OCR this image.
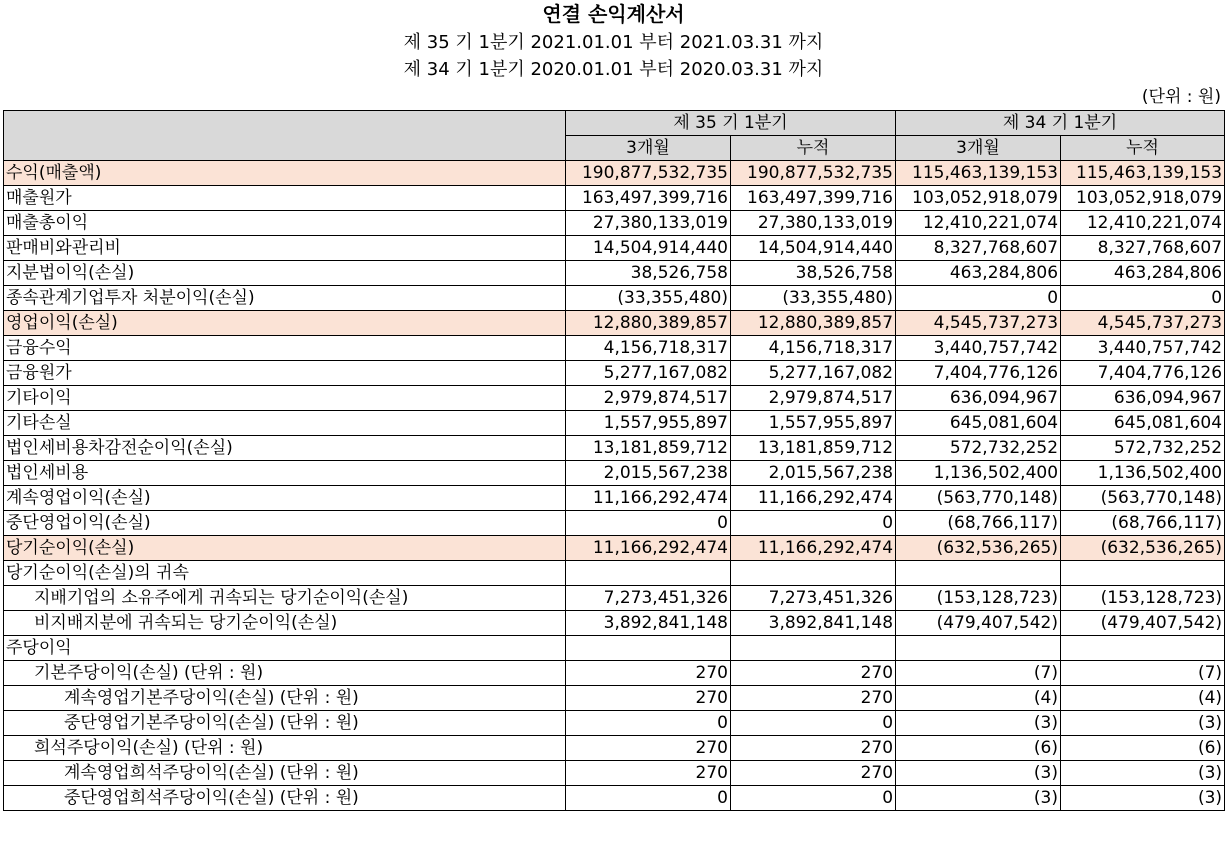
연결 손익계산서
제 35 기 1분기 2021.01.01 부터 2021.03.31 까지
제 34 기 1분기 2020.01.01 부터 2020.03.31 까지
(단위 : 원)
	제 35 기 1분기		제 34 기 1분기	
	3개월	누적	3개월	누적
수익(매출액)	190,877,532,735	190,877,532,735	115,463,139,153	115,463,139,153
매출원가	163,497,399,716	163,497,399,716	103,052,918,079	103,052,918,079
매출총이익	27,380,133,019	27,380,133,019	12,410,221,074	12,410,221,074
판매비와관리비	14,504,914,440	14,504,914,440	8,327,768,607	8,327,768,607
지분법이익(손실)	38,526,758	38,526,758	463,284,806	463,284,806
종속관계기업투자 처분이익(손실)	(33,355,480)	(33,355,480)	0	0
영업이익(손실)	12,880,389,857	12,880,389,857	4,545,737,273	4,545,737,273
금융수익	4,156,718,317	4,156,718,317	3,440,757,742	3,440,757,742
금융원가	5,277,167,082	5,277,167,082	7,404,776,126	7,404,776,126
기타이익	2,979,874,517	2,979,874,517	636,094,967	636,094,967
기타손실	1,557,955,897	1,557,955,897	645,081,604	645,081,604
법인세비용차감전순이익(손실)	13,181,859,712	13,181,859,712	572,732,252	572,732,252
법인세비용	2,015,567,238	2,015,567,238	1,136,502,400	1,136,502,400
계속영업이익(손실)	11,166,292,474	11,166,292,474	(563,770,148)	(563,770,148)
중단영업이익(손실)	0	0	(68,766,117)	(68,766,117)
당기순이익(손실)	11,166,292,474	11,166,292,474	(632,536,265)	(632,536,265)
당기순이익(손실)의 귀속				
지배기업의 소유주에게 귀속되는 당기순이익(손실)	7,273,451,326	7,273,451,326	(153,128,723)	(153,128,723)
비지배지분에 귀속되는 당기순이익(손실)	3,892,841,148	3,892,841,148	(479,407,542)	(479,407,542)
주당이익				
기본주당이익(손실) (단위 : 원)	270	270	(7)	(7)
계속영업기본주당이익(손실) (단위 : 원)	270	270	(4)	(4)
중단영업기본주당이익(손실) (단위 : 원)	0	0	(3)	(3)
희석주당이익(손실) (단위 : 원)	270	270	(6)	(6)
계속영업희석주당이익(손실) (단위 : 원)	270	270	(3)	(3)
중단영업희석주당이익(손실) (단위 : 원)	0	0	(3)	(3)
